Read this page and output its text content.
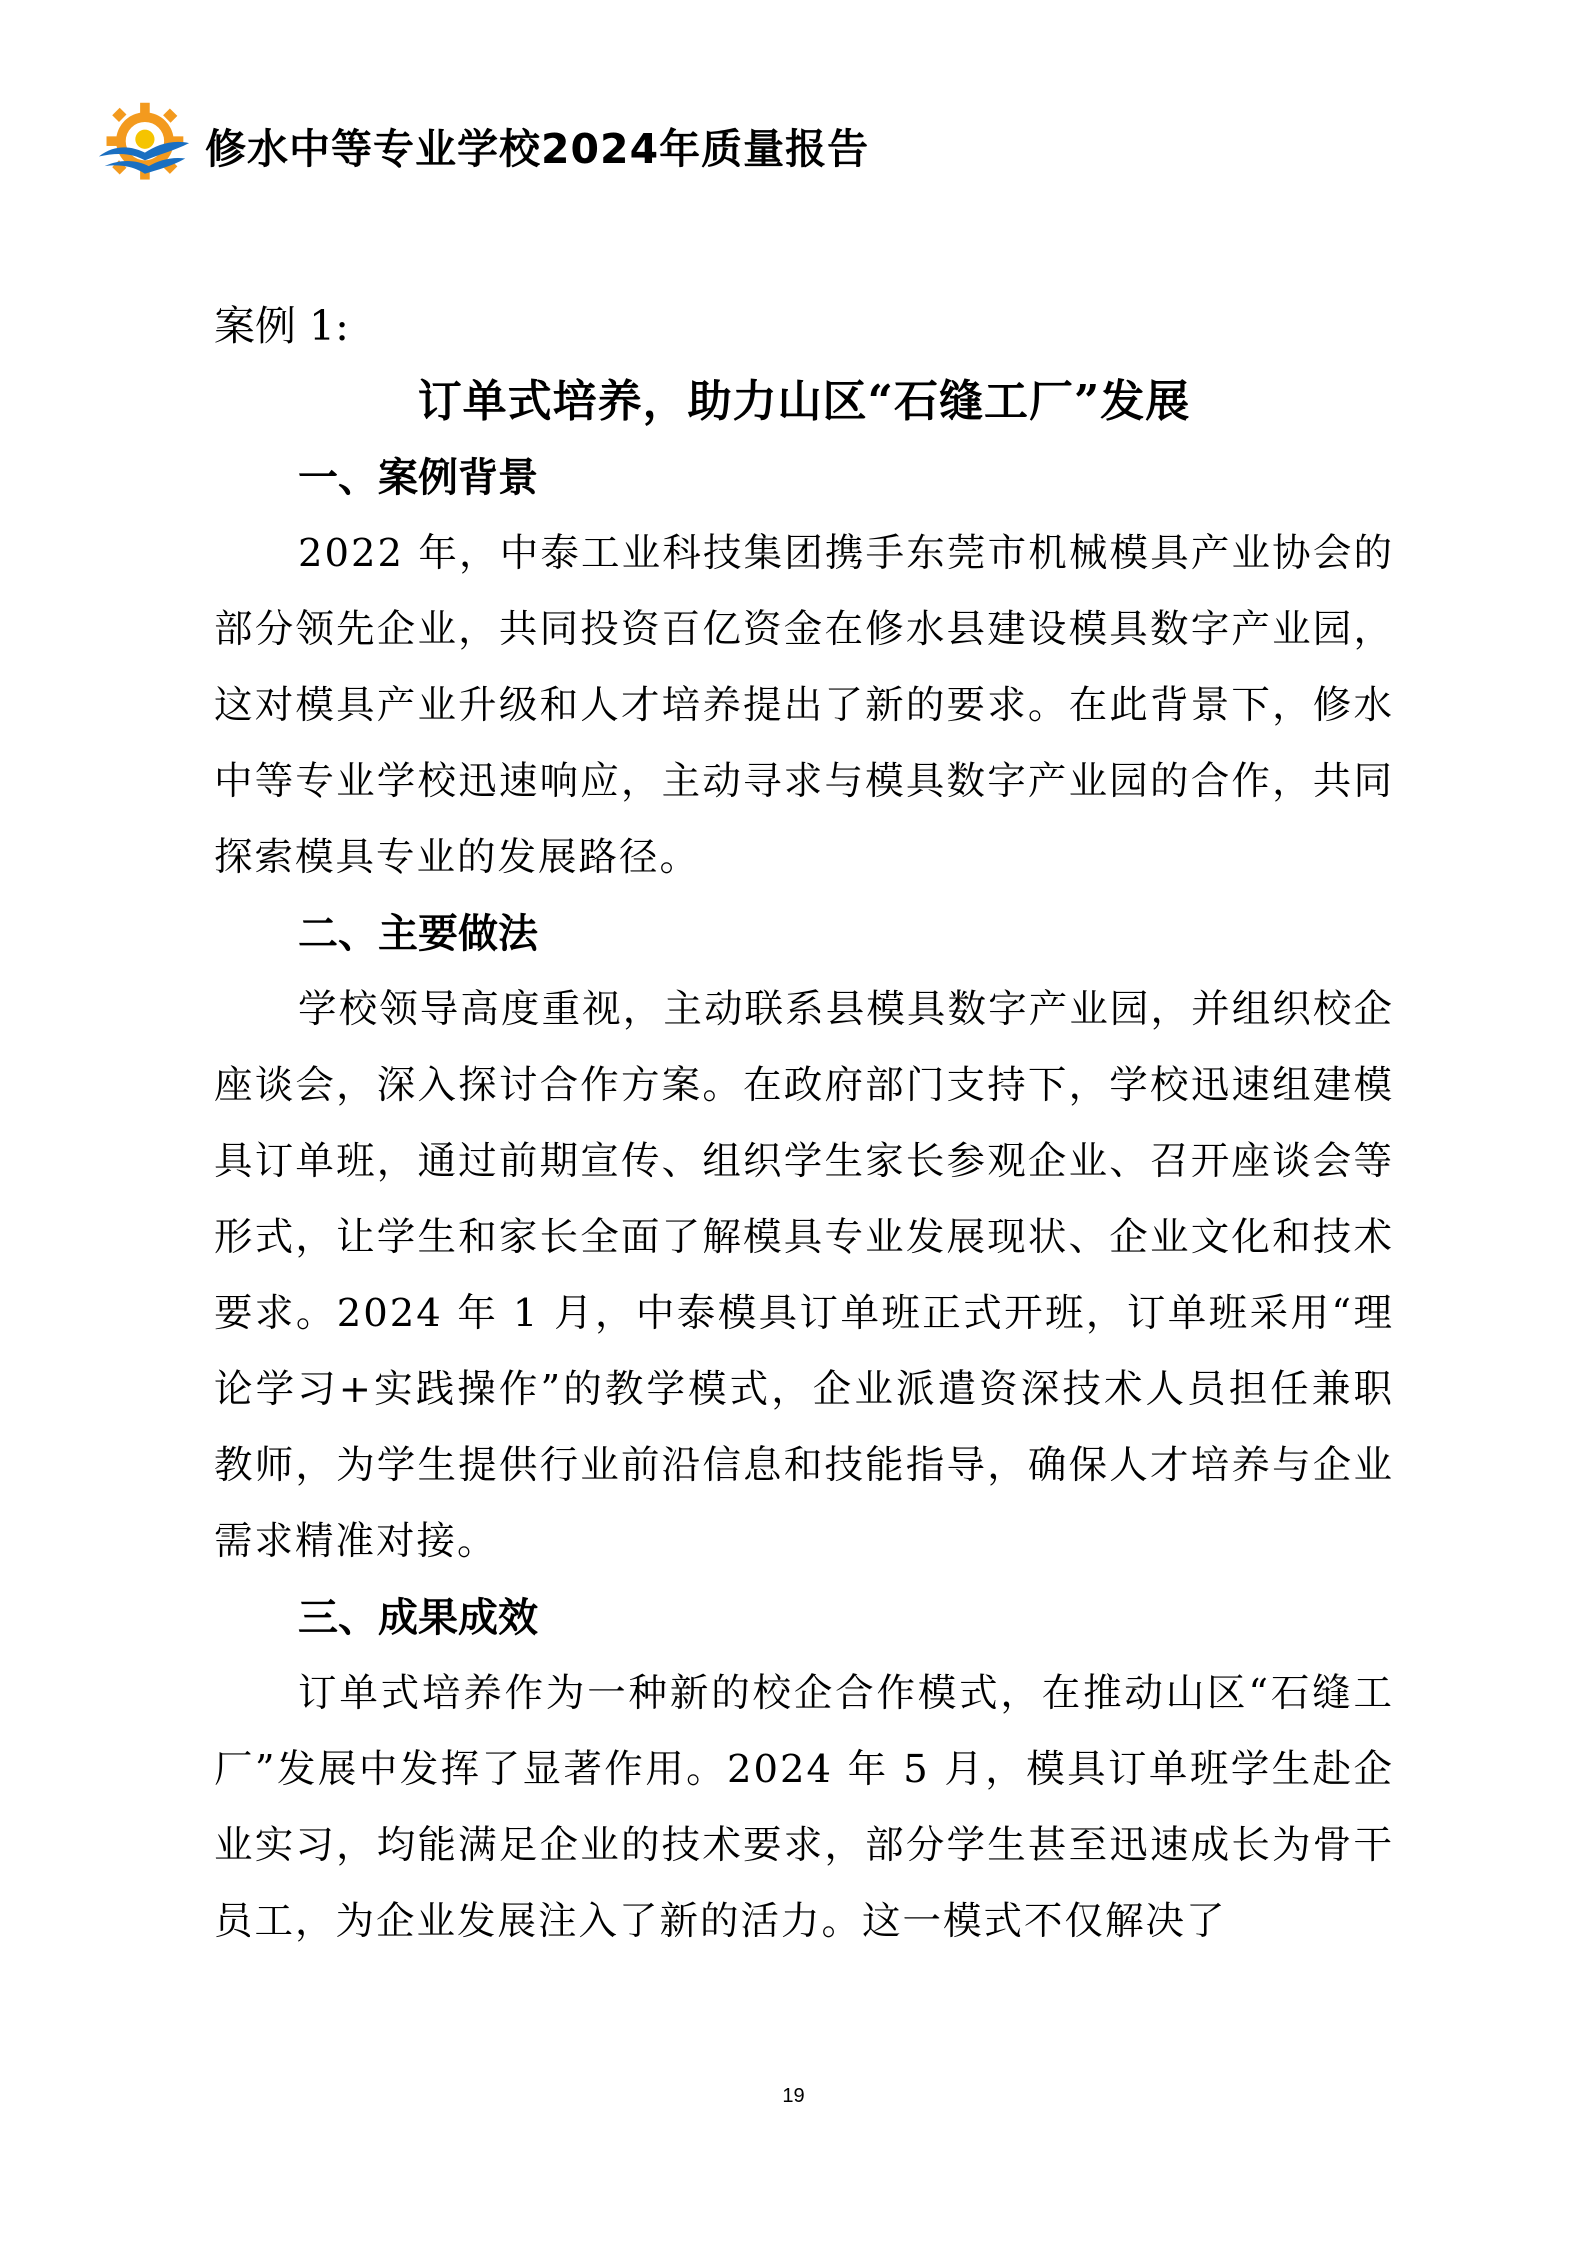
修水中等专业学校2024年质量报告

案例 1:

订单式培养，助力山区“石缝工厂”发展

一、案例背景

2022 年，中泰工业科技集团携手东莞市机械模具产业协会的部分领先企业，共同投资百亿资金在修水县建设模具数字产业园，这对模具产业升级和人才培养提出了新的要求。在此背景下，修水中等专业学校迅速响应，主动寻求与模具数字产业园的合作，共同探索模具专业的发展路径。

二、主要做法

学校领导高度重视，主动联系县模具数字产业园，并组织校企座谈会，深入探讨合作方案。在政府部门支持下，学校迅速组建模具订单班，通过前期宣传、组织学生家长参观企业、召开座谈会等形式，让学生和家长全面了解模具专业发展现状、企业文化和技术要求。2024 年 1 月，中泰模具订单班正式开班，订单班采用“理论学习+实践操作”的教学模式，企业派遣资深技术人员担任兼职教师，为学生提供行业前沿信息和技能指导，确保人才培养与企业需求精准对接。

三、成果成效

订单式培养作为一种新的校企合作模式，在推动山区“石缝工厂”发展中发挥了显著作用。2024 年 5 月，模具订单班学生赴企业实习，均能满足企业的技术要求，部分学生甚至迅速成长为骨干员工，为企业发展注入了新的活力。这一模式不仅解决了

19
